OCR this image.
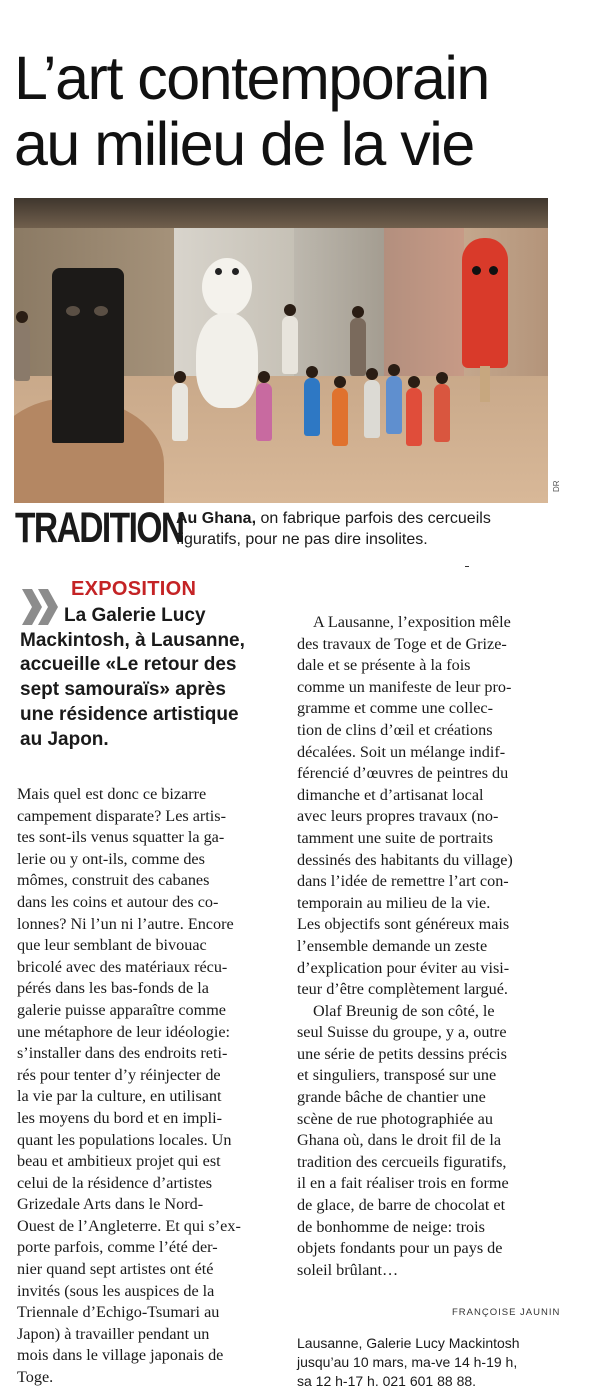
L’art contemporain
au milieu de la vie
DR
TRADITION
Au Ghana, on fabrique parfois des cercueils
figuratifs, pour ne pas dire insolites.
EXPOSITION
La Galerie Lucy
Mackintosh, à Lausanne,
accueille «Le retour des
sept samouraïs» après
une résidence artistique
au Japon.
Mais quel est donc ce bizarre
campement disparate? Les artis-
tes sont-ils venus squatter la ga-
lerie ou y ont-ils, comme des
mômes, construit des cabanes
dans les coins et autour des co-
lonnes? Ni l’un ni l’autre. Encore
que leur semblant de bivouac
bricolé avec des matériaux récu-
pérés dans les bas-fonds de la
galerie puisse apparaître comme
une métaphore de leur idéologie:
s’installer dans des endroits reti-
rés pour tenter d’y réinjecter de
la vie par la culture, en utilisant
les moyens du bord et en impli-
quant les populations locales. Un
beau et ambitieux projet qui est
celui de la résidence d’artistes
Grizedale Arts dans le Nord-
Ouest de l’Angleterre. Et qui s’ex-
porte parfois, comme l’été der-
nier quand sept artistes ont été
invités (sous les auspices de la
Triennale d’Echigo-Tsumari au
Japon) à travailler pendant un
mois dans le village japonais de
Toge.
A Lausanne, l’exposition mêle
des travaux de Toge et de Grize-
dale et se présente à la fois
comme un manifeste de leur pro-
gramme et comme une collec-
tion de clins d’œil et créations
décalées. Soit un mélange indif-
férencié d’œuvres de peintres du
dimanche et d’artisanat local
avec leurs propres travaux (no-
tamment une suite de portraits
dessinés des habitants du village)
dans l’idée de remettre l’art con-
temporain au milieu de la vie.
Les objectifs sont généreux mais
l’ensemble demande un zeste
d’explication pour éviter au visi-
teur d’être complètement largué.
Olaf Breunig de son côté, le
seul Suisse du groupe, y a, outre
une série de petits dessins précis
et singuliers, transposé sur une
grande bâche de chantier une
scène de rue photographiée au
Ghana où, dans le droit fil de la
tradition des cercueils figuratifs,
il en a fait réaliser trois en forme
de glace, de barre de chocolat et
de bonhomme de neige: trois
objets fondants pour un pays de
soleil brûlant…
FRANÇOISE JAUNIN
Lausanne, Galerie Lucy Mackintosh
jusqu’au 10 mars, ma-ve 14 h-19 h,
sa 12 h-17 h. 021 601 88 88.
